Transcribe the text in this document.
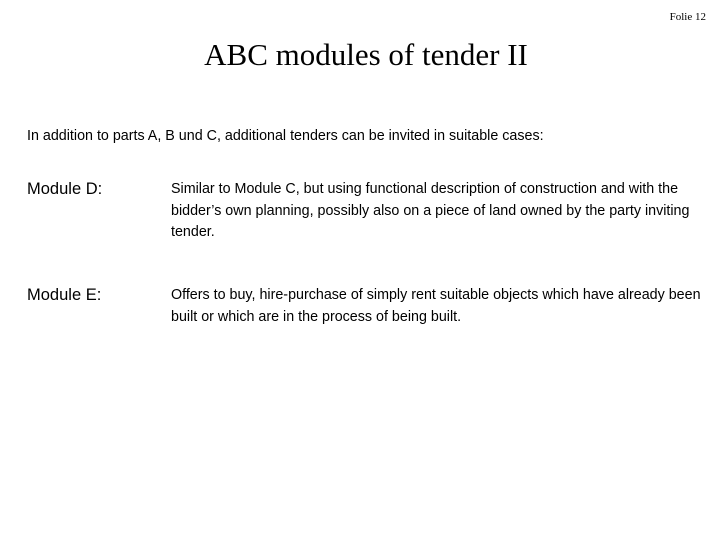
Folie 12
ABC modules of tender II
In addition to parts A, B und C, additional tenders can be invited in suitable cases:
Module D:	Similar to Module C, but using functional description of construction and with the bidder’s own planning, possibly also on a piece of land owned by the party inviting tender.
Module E:	Offers to buy, hire-purchase of simply rent suitable objects which have already been built or which are in the process of being built.
